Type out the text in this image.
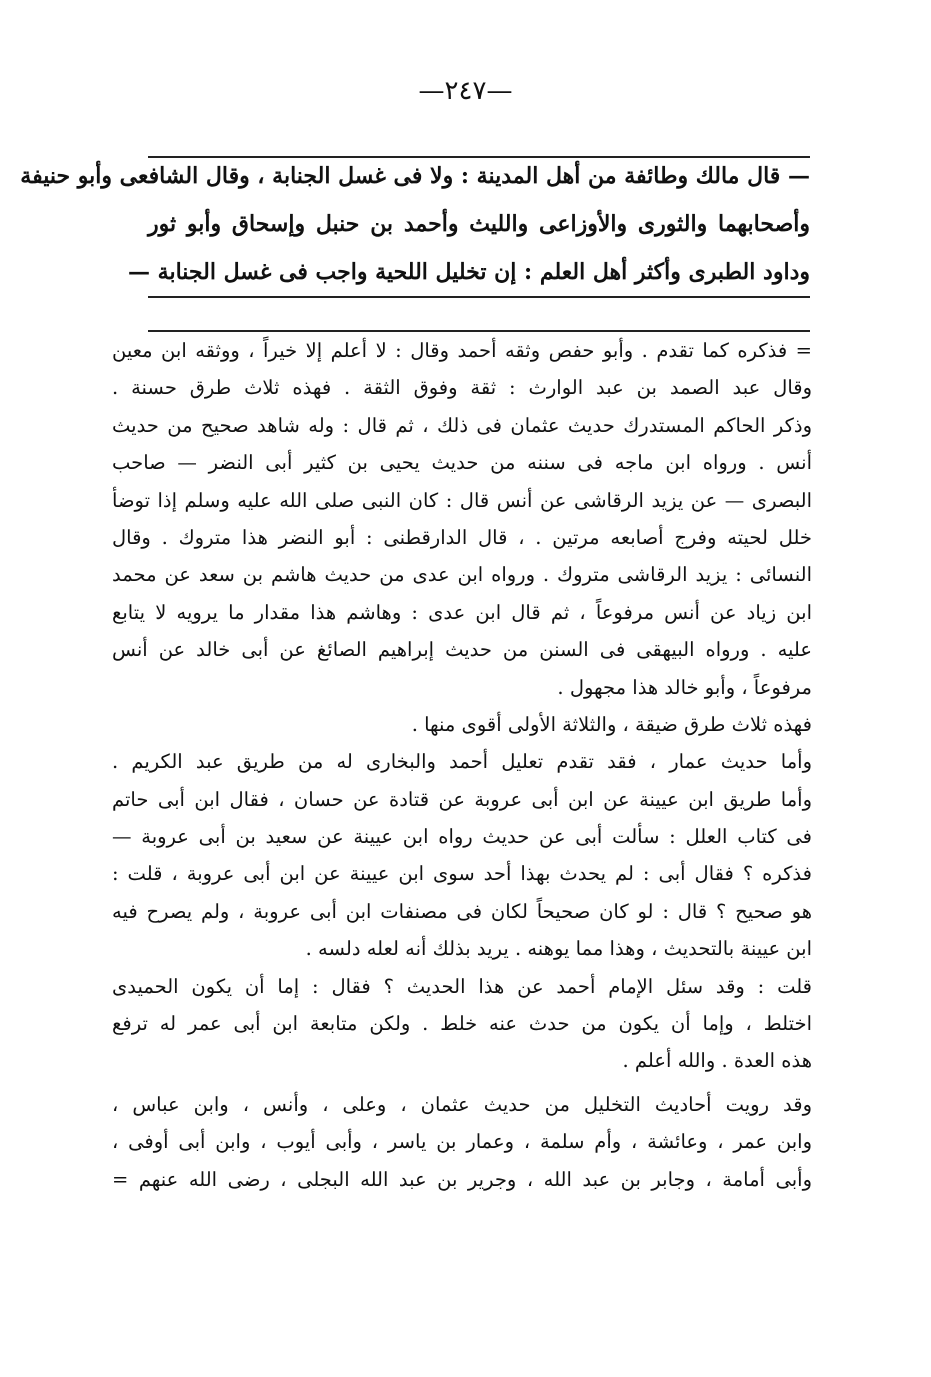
—٢٤٧—
— قال مالك وطائفة من أهل المدينة : ولا فى غسل الجنابة ، وقال الشافعى وأبو حنيفة
وأصحابهما والثورى والأوزاعى والليث وأحمد بن حنبل وإسحاق وأبو ثور
وداود الطبرى وأكثر أهل العلم : إن تخليل اللحية واجب فى غسل الجنابة —
= فذكره كما تقدم . وأبو حفص وثقه أحمد وقال : لا أعلم إلا خيراً ، ووثقه ابن معين
وقال عبد الصمد بن عبد الوارث : ثقة وفوق الثقة . فهذه ثلاث طرق حسنة .
وذكر الحاكم المستدرك حديث عثمان فى ذلك ، ثم قال : وله شاهد صحيح من حديث
أنس . ورواه ابن ماجه فى سننه من حديث يحيى بن كثير أبى النضر — صاحب
البصرى — عن يزيد الرقاشى عن أنس قال : كان النبى صلى الله عليه وسلم إذا توضأ
خلل لحيته وفرج أصابعه مرتين . ، قال الدارقطنى : أبو النضر هذا متروك . وقال
النسائى : يزيد الرقاشى متروك . ورواه ابن عدى من حديث هاشم بن سعد عن محمد
ابن زياد عن أنس مرفوعاً ، ثم قال ابن عدى : وهاشم هذا مقدار ما يرويه لا يتابع
عليه . ورواه البيهقى فى السنن من حديث إبراهيم الصائغ عن أبى خالد عن أنس
مرفوعاً ، وأبو خالد هذا مجهول .
فهذه ثلاث طرق ضيقة ، والثلاثة الأولى أقوى منها .
وأما حديث عمار ، فقد تقدم تعليل أحمد والبخارى له من طريق عبد الكريم .
وأما طريق ابن عيينة عن ابن أبى عروبة عن قتادة عن حسان ، فقال ابن أبى حاتم
فى كتاب العلل : سألت أبى عن حديث رواه ابن عيينة عن سعيد بن أبى عروبة —
فذكره ؟ فقال أبى : لم يحدث بهذا أحد سوى ابن عيينة عن ابن أبى عروبة ، قلت :
هو صحيح ؟ قال : لو كان صحيحاً لكان فى مصنفات ابن أبى عروبة ، ولم يصرح فيه
ابن عيينة بالتحديث ، وهذا مما يوهنه . يريد بذلك أنه لعله دلسه .
قلت : وقد سئل الإمام أحمد عن هذا الحديث ؟ فقال : إما أن يكون الحميدى
اختلط ، وإما أن يكون من حدث عنه خلط . ولكن متابعة ابن أبى عمر له ترفع
هذه العدة . والله أعلم .
وقد رويت أحاديث التخليل من حديث عثمان ، وعلى ، وأنس ، وابن عباس ،
وابن عمر ، وعائشة ، وأم سلمة ، وعمار بن ياسر ، وأبى أيوب ، وابن أبى أوفى ،
وأبى أمامة ، وجابر بن عبد الله ، وجرير بن عبد الله البجلى ، رضى الله عنهم =
